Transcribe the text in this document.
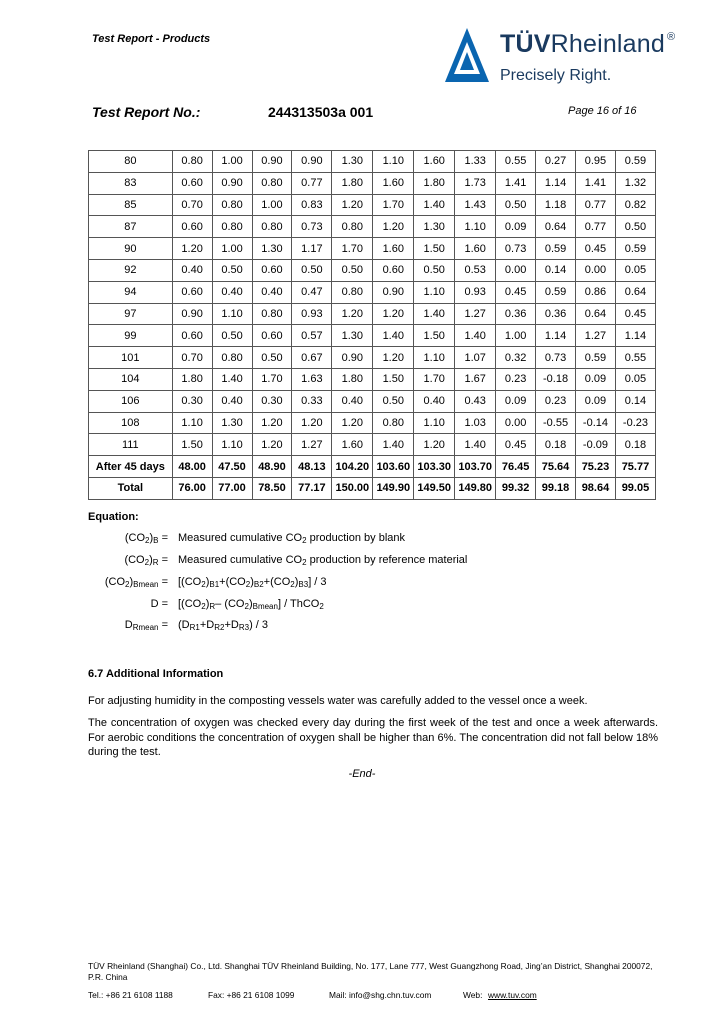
Test Report - Products	TÜVRheinland ®
Precisely Right.
Test Report No.:	244313503a 001	Page 16 of 16
80	0.80	1.00	0.90	0.90	1.30	1.10	1.60	1.33	0.55	0.27	0.95	0.59
83	0.60	0.90	0.80	0.77	1.80	1.60	1.80	1.73	1.41	1.14	1.41	1.32
85	0.70	0.80	1.00	0.83	1.20	1.70	1.40	1.43	0.50	1.18	0.77	0.82
87	0.60	0.80	0.80	0.73	0.80	1.20	1.30	1.10	0.09	0.64	0.77	0.50
90	1.20	1.00	1.30	1.17	1.70	1.60	1.50	1.60	0.73	0.59	0.45	0.59
92	0.40	0.50	0.60	0.50	0.50	0.60	0.50	0.53	0.00	0.14	0.00	0.05
94	0.60	0.40	0.40	0.47	0.80	0.90	1.10	0.93	0.45	0.59	0.86	0.64
97	0.90	1.10	0.80	0.93	1.20	1.20	1.40	1.27	0.36	0.36	0.64	0.45
99	0.60	0.50	0.60	0.57	1.30	1.40	1.50	1.40	1.00	1.14	1.27	1.14
101	0.70	0.80	0.50	0.67	0.90	1.20	1.10	1.07	0.32	0.73	0.59	0.55
104	1.80	1.40	1.70	1.63	1.80	1.50	1.70	1.67	0.23	-0.18	0.09	0.05
106	0.30	0.40	0.30	0.33	0.40	0.50	0.40	0.43	0.09	0.23	0.09	0.14
108	1.10	1.30	1.20	1.20	1.20	0.80	1.10	1.03	0.00	-0.55	-0.14	-0.23
111	1.50	1.10	1.20	1.27	1.60	1.40	1.20	1.40	0.45	0.18	-0.09	0.18
After 45 days	48.00	47.50	48.90	48.13	104.20	103.60	103.30	103.70	76.45	75.64	75.23	75.77
Total	76.00	77.00	78.50	77.17	150.00	149.90	149.50	149.80	99.32	99.18	98.64	99.05
Equation:
$(CO_2)_B$ = Measured cumulative $CO_2$ production by blank
$(CO_2)_R$ = Measured cumulative $CO_2$ production by reference material
$(CO_2)_{Bmean} = [(CO_2)_{B1}+(CO_2)_{B2}+(CO_2)_{B3}] / 3$
$D = [(CO_2)_R-$ $(CO_2)_{Bmean}$] / ThCO$_2$
$D_{Rmean} = (D_{R1}+D_{R2}+D_{R3}) / 3$
6.7 Additional Information
For adjusting humidity in the composting vessels water was carefully added to the vessel once a week.
The concentration of oxygen was checked every day during the first week of the test and once a week afterwards. For aerobic conditions the concentration of oxygen shall be higher than 6%. The concentration did not fall below 18% during the test.
-End-
TÜV Rheinland (Shanghai) Co., Ltd. Shanghai TÜV Rheinland Building, No. 177, Lane 777, West Guangzhong Road, Jing’an District, Shanghai 200072, P.R. China
Tel.: +86 21 6108 1188	Fax: +86 21 6108 1099	Mail: info@shg.chn.tuv.com	Web: www.tuv.com
